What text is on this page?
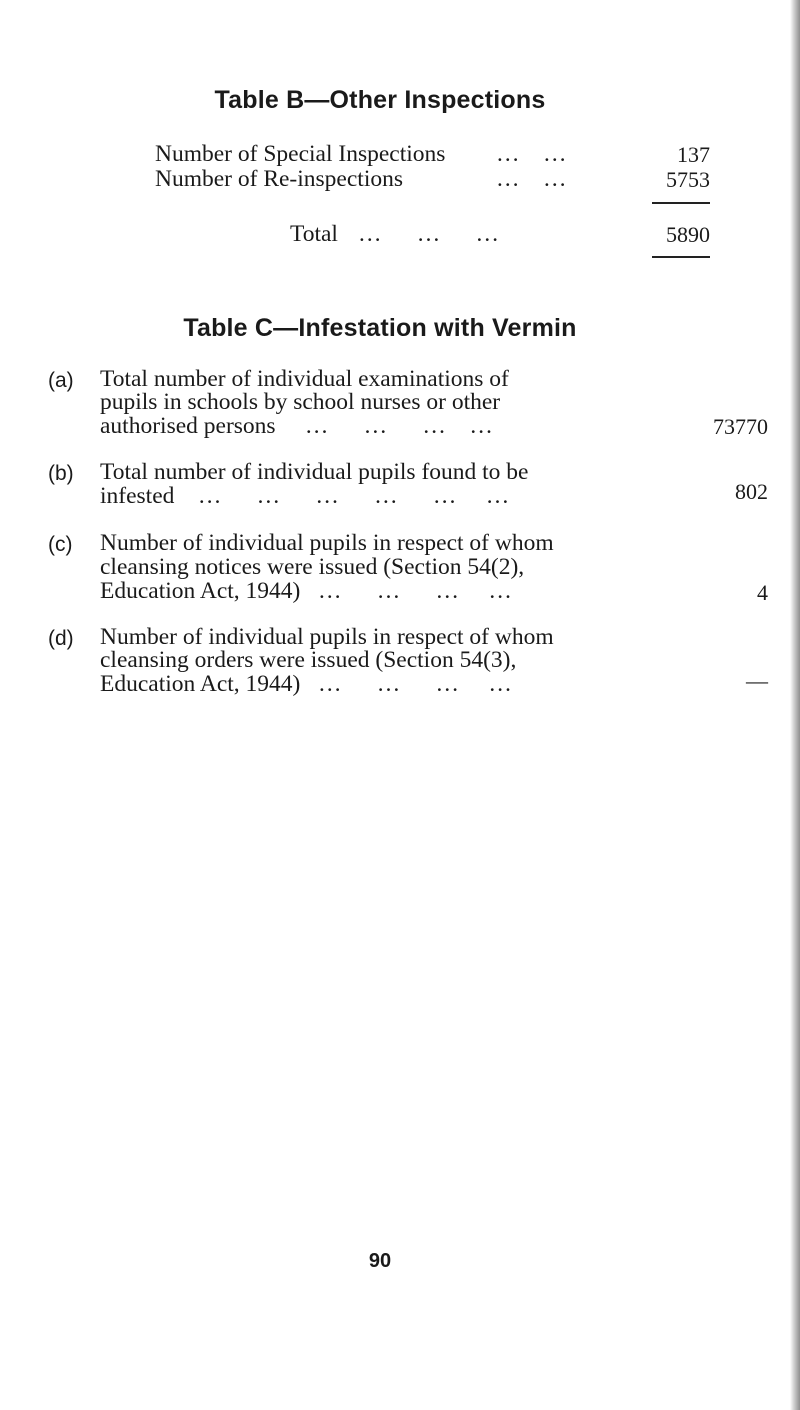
Table B—Other Inspections
Number of Special Inspections …    …	137
Number of Re-inspections	…    …	5753
Total …      …      …	5890
Table C—Infestation with Vermin
(a) Total number of individual examinations of
pupils in schools by school nurses or other
authorised persons     …      …      …    …	73770
(b) Total number of individual pupils found to be
infested    …      …      …      …      …     …	802
(c) Number of individual pupils in respect of whom
cleansing notices were issued (Section 54(2),
Education Act, 1944)   …      …      …     …	4
(d) Number of individual pupils in respect of whom
cleansing orders were issued (Section 54(3),
Education Act, 1944)   …      …      …     …	—
90
